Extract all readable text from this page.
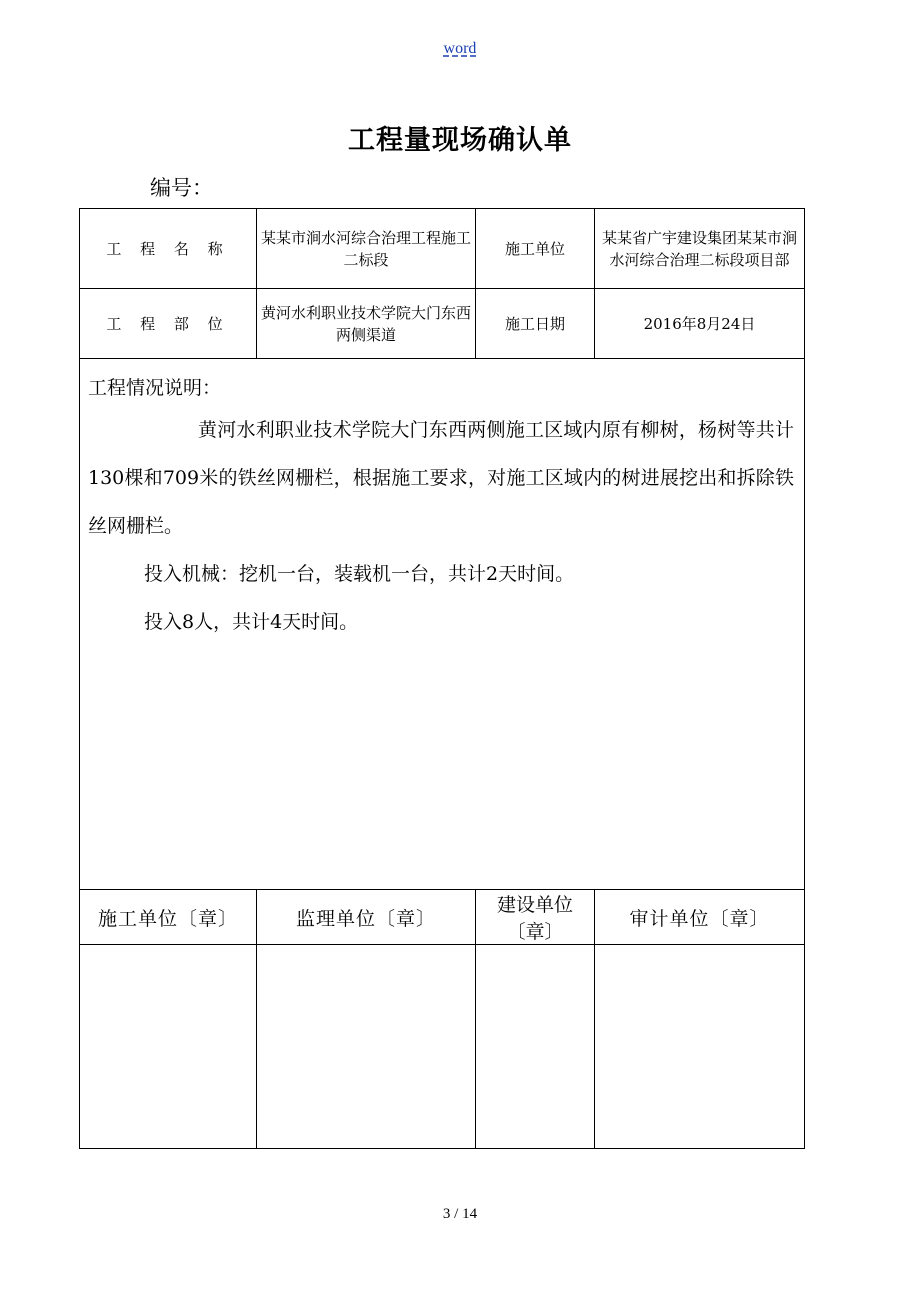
word
工程量现场确认单
编号：
工 程 名 称	某某市涧水河综合治理工程施工二标段	施工单位	某某省广宇建设集团某某市涧水河综合治理二标段项目部
工 程 部 位	黄河水利职业技术学院大门东西两侧渠道	施工日期	2016年8月24日

工程情况说明：
黄河水利职业技术学院大门东西两侧施工区域内原有柳树，杨树等共计130棵和709米的铁丝网栅栏，根据施工要求，对施工区域内的树进展挖出和拆除铁丝网栅栏。
投入机械：挖机一台，装载机一台，共计2天时间。
投入8人，共计4天时间。			

施工单位〔章〕	监理单位〔章〕	建设单位〔章〕	审计单位〔章〕

3 / 14
